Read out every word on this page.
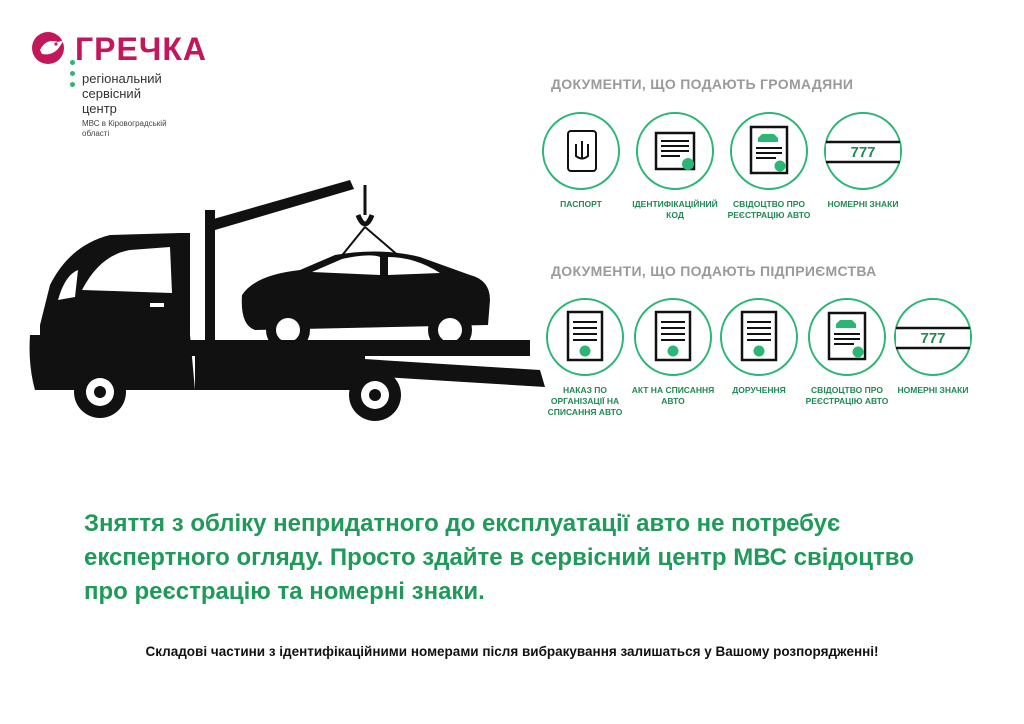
ГРЕЧКА
регіональний
сервісний
центр
МВС в Кіровоградській області
ДОКУМЕНТИ, ЩО ПОДАЮТЬ ГРОМАДЯНИ
ПАСПОРТ	ІДЕНТИФІКАЦІЙНИЙ КОД
СВІДОЦТВО ПРО РЕЄСТРАЦІЮ АВТО
777
НОМЕРНІ ЗНАКИ
ДОКУМЕНТИ, ЩО ПОДАЮТЬ ПІДПРИЄМСТВА
НАКАЗ ПО ОРГАНІЗАЦІЇ НА СПИСАННЯ АВТО
АКТ НА СПИСАННЯ АВТО
ДОРУЧЕННЯ	СВІДОЦТВО ПРО РЕЄСТРАЦІЮ АВТО
777
НОМЕРНІ ЗНАКИ
Зняття з обліку непридатного до експлуатації авто не потребує експертного огляду. Просто здайте в сервісний центр МВС свідоцтво про реєстрацію та номерні знаки.
Складові частини з ідентифікаційними номерами після вибракування залишаться у Вашому розпорядженні!
